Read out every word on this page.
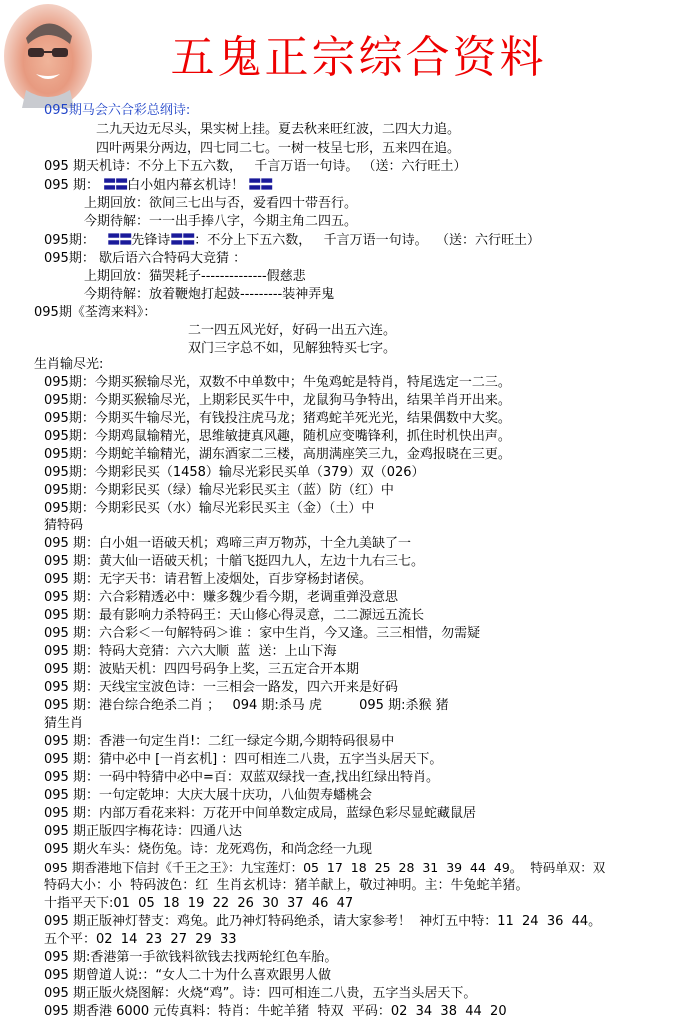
五鬼正宗综合资料
095期马会六合彩总纲诗:
二九天边无尽头，果实树上挂。夏去秋来旺红波，二四大力追。
四叶两果分两边，四七同二七。一树一枝呈七形，五来四在追。
095 期天机诗：不分上下五六数，   千言万语一句诗。 （送：六行旺土）
095 期： 〓〓白小姐内幕玄机诗！ 〓〓
上期回放：欲间三七出与否，爱看四十带吾行。
今期待解：一一出手捧八字，今期主角二四五。
095期： 〓〓先锋诗〓〓：不分上下五六数，   千言万语一句诗。  （送：六行旺土）
095期： 歇后语六合特码大竞猜 ：
上期回放：猫哭耗子--------------假慈悲
今期待解：放着鞭炮打起鼓---------装神弄鬼
095期《荃湾来料》：
二一四五风光好，好码一出五六连。
双门三字总不如，见解独特买七字。
生肖输尽光:
095期：今期买猴输尽光，双数不中单数中；牛兔鸡蛇是特肖，特尾选定一二三。
095期：今期买猴输尽光，上期彩民买牛中，龙鼠狗马争特出，结果羊肖开出来。
095期：今期买牛输尽光，有钱投注虎马龙；猪鸡蛇羊死光光，结果偶数中大奖。
095期：今期鸡鼠输精光，思维敏捷真风趣，随机应变嘴锋利，抓住时机快出声。
095期：今期蛇羊输精光，湖东酒家二三楼，高朋满座笑三九，金鸡报晓在三更。
095期：今期彩民买（1458）输尽光彩民买单（379）双（026）
095期：今期彩民买（绿）输尽光彩民买主（蓝）防（红）中
095期：今期彩民买（水）输尽光彩民买主（金）（土）中
猜特码
095 期：白小姐一语破天机；鸡啼三声万物苏，十全九美缺了一
095 期：黄大仙一语破天机；十艏飞挺四九人，左边十九右三七。
095 期：无字天书：请君暂上凌烟处，百步穿杨封诸侯。
095 期：六合彩精透必中：赚多魏少看今期，老调重弹没意思
095 期：最有影响力杀特码王：天山修心得灵意，二二源远五流长
095 期：六合彩＜一句解特码＞谁 ：家中生肖，今又逢。三三相惜，勿需疑
095 期：特码大竞猜：六六大顺  蓝  送：上山下海
095 期：波贴天机：四四号码争上奖，三五定合开本期
095 期：天线宝宝波色诗：一三相会一路发，四六开来是好码
095 期：港台综合绝杀二肖 ；   094 期:杀马 虎         095 期:杀猴 猪
猜生肖
095 期：香港一句定生肖!：二红一绿定今期,今期特码很易中
095 期：猜中必中 [一肖玄机] ：四可相连二八贵，五字当头居天下。
095 期：一码中特猜中必中=百：双蓝双绿找一查,找出红绿出特肖。
095 期：一句定乾坤：大庆大展十庆功，八仙贺寿蟠桃会
095 期：内部万看花来料：万花开中间单数定成局，蓝绿色彩尽显蛇藏鼠居
095 期正版四字梅花诗：四通八达
095 期火车头：烧伤兔。诗：龙死鸡伤，和尚念经一九现
095 期香港地下信封《千王之王》：九宝莲灯：05  17  18  25  28  31  39  44  49。  特码单双：双
特码大小：小  特码波色：红  生肖玄机诗：猪羊献上，敬过神明。主：牛兔蛇羊猪。
十指平天下:01  05  18  19  22  26  30  37  46  47
095 期正版神灯替支：鸡兔。此乃神灯特码绝杀，请大家参考！  神灯五中特：11  24  36  44。
五个平：02  14  23  27  29  33
095 期:香港第一手欲钱料欲钱去找两轮红色车胎。
095 期曾道人说:：“女人二十为什么喜欢跟男人做
095 期正版火烧图解：火烧“鸡”。诗：四可相连二八贵，五字当头居天下。
095 期香港 6000 元传真料：特肖：牛蛇羊猪  特双  平码：02  34  38  44  20
